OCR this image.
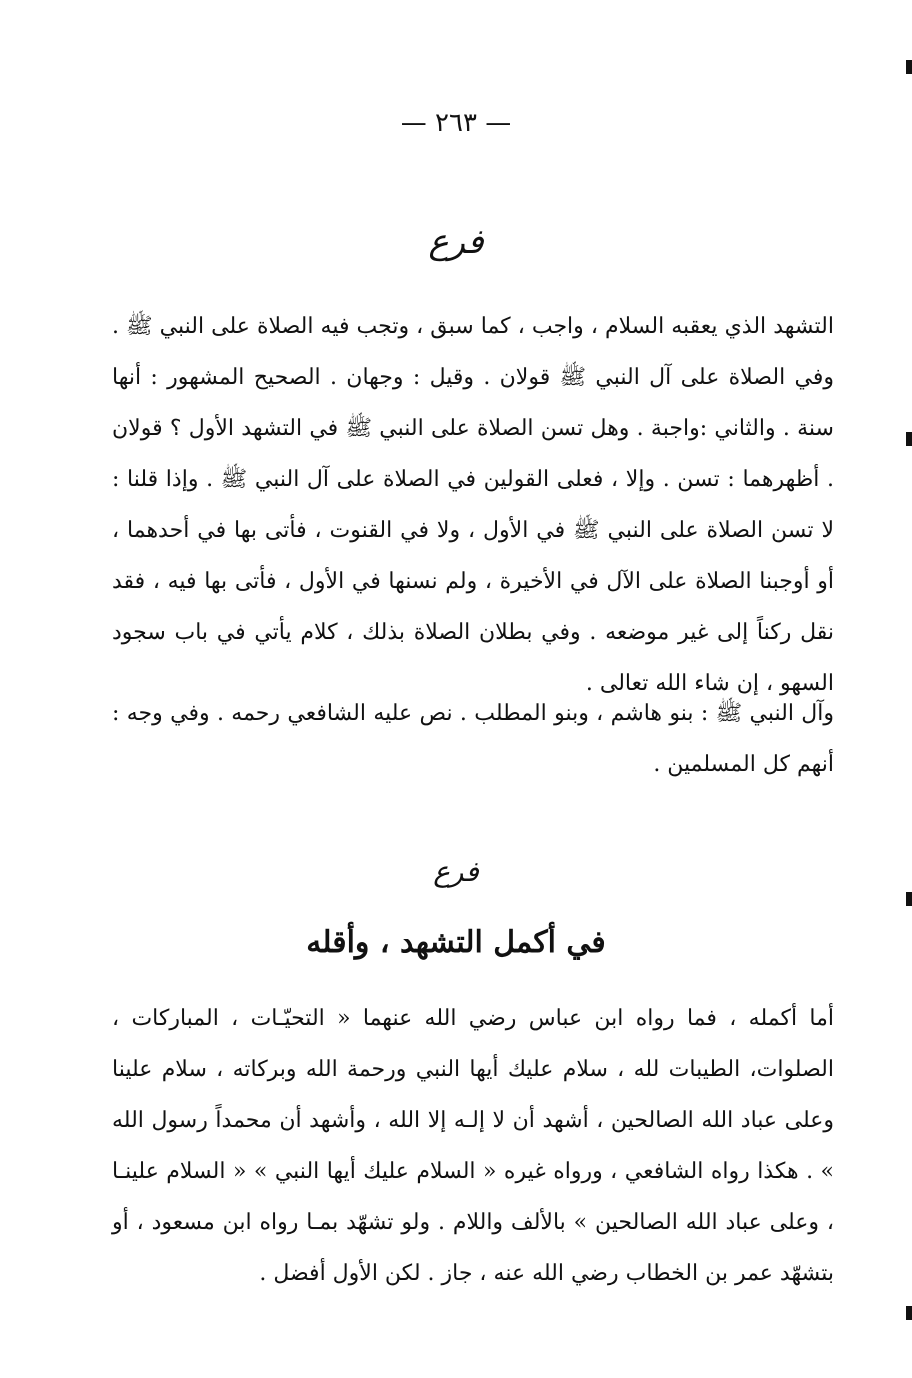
— ٢٦٣ —
فرع

التشهد الذي يعقبه السلام ، واجب ، كما سبق ، وتجب فيه الصلاة على النبي ﷺ . وفي الصلاة على آل النبي ﷺ قولان . وقيل : وجهان . الصحيح المشهور : أنها سنة . والثاني :واجبة . وهل تسن الصلاة على النبي ﷺ في التشهد الأول ؟ قولان . أظهرهما : تسن . وإلا ، فعلى القولين في الصلاة على آل النبي ﷺ . وإذا قلنا : لا تسن الصلاة على النبي ﷺ في الأول ، ولا في القنوت ، فأتى بها في أحدهما ، أو أوجبنا الصلاة على الآل في الأخيرة ، ولم نسنها في الأول ، فأتى بها فيه ، فقد نقل ركناً إلى غير موضعه . وفي بطلان الصلاة بذلك ، كلام يأتي في باب سجود السهو ، إن شاء الله تعالى .

وآل النبي ﷺ : بنو هاشم ، وبنو المطلب . نص عليه الشافعي رحمه . وفي وجه : أنهم كل المسلمين .

فرع
في أكمل التشهد ، وأقله

أما أكمله ، فما رواه ابن عباس رضي الله عنهما « التحيّـات ، المباركات ، الصلوات، الطيبات لله ، سلام عليك أيها النبي ورحمة الله وبركاته ، سلام علينا وعلى عباد الله الصالحين ، أشهد أن لا إلـه إلا الله ، وأشهد أن محمداً رسول الله » . هكذا رواه الشافعي ، ورواه غيره « السلام عليك أيها النبي » « السلام علينـا ، وعلى عباد الله الصالحين » بالألف واللام . ولو تشهّد بمـا رواه ابن مسعود ، أو بتشهّد عمر بن الخطاب رضي الله عنه ، جاز . لكن الأول أفضل .
